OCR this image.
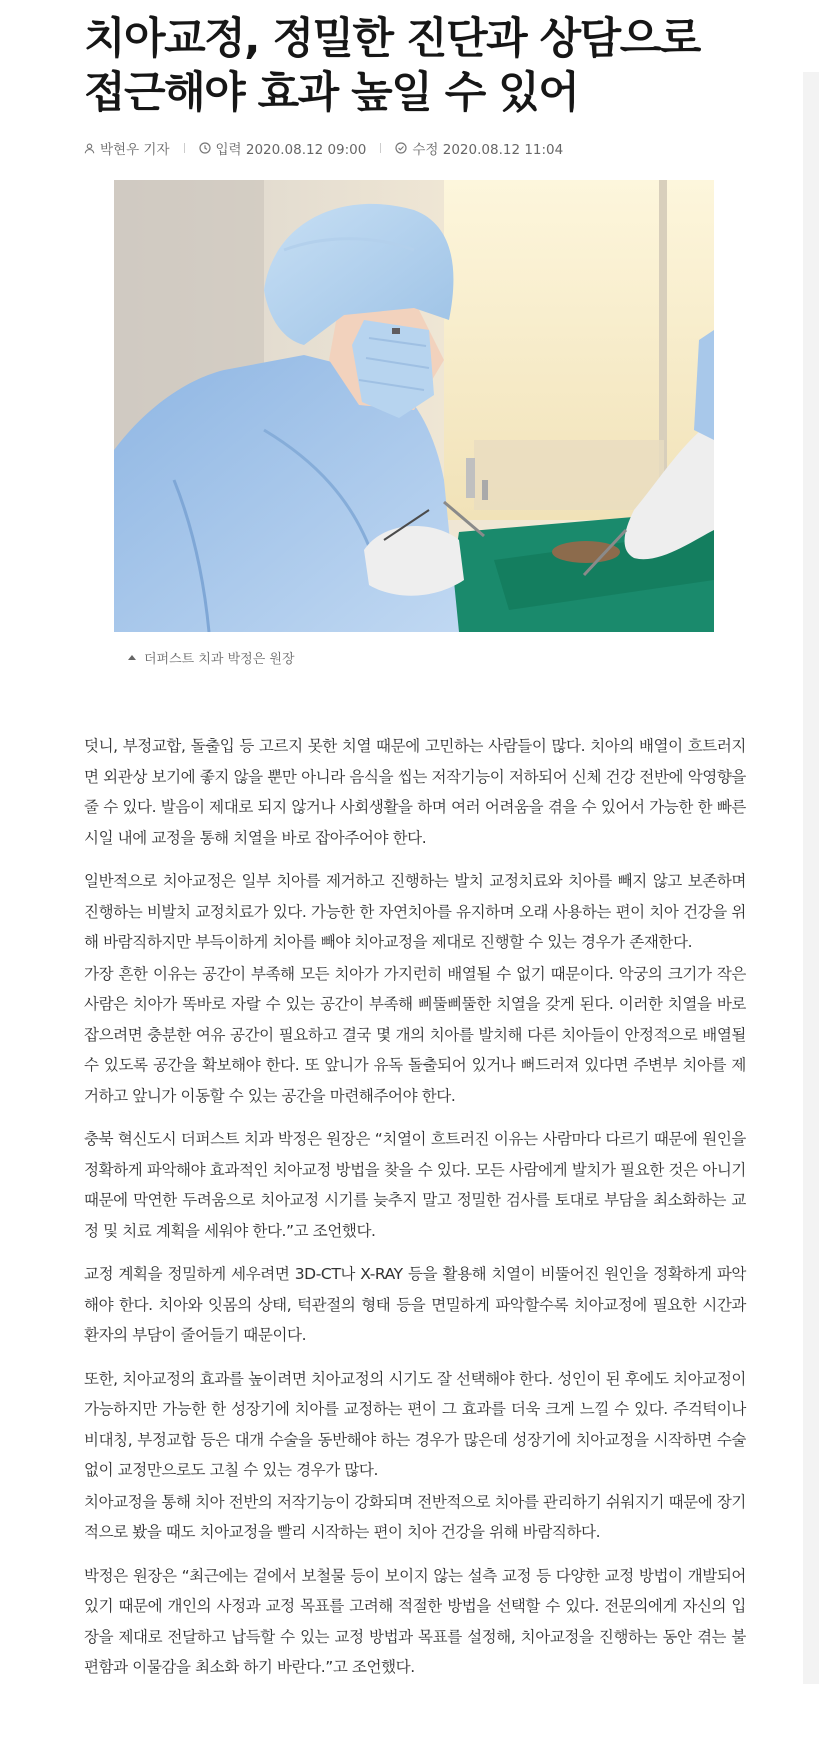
치아교정, 정밀한 진단과 상담으로 접근해야 효과 높일 수 있어
박현우 기자	입력 2020.08.12 09:00	수정 2020.08.12 11:04
더퍼스트 치과 박정은 원장

덧니, 부정교합, 돌출입 등 고르지 못한 치열 때문에 고민하는 사람들이 많다. 치아의 배열이 흐트러지면 외관상 보기에 좋지 않을 뿐만 아니라 음식을 씹는 저작기능이 저하되어 신체 건강 전반에 악영향을 줄 수 있다. 발음이 제대로 되지 않거나 사회생활을 하며 여러 어려움을 겪을 수 있어서 가능한 한 빠른 시일 내에 교정을 통해 치열을 바로 잡아주어야 한다.

일반적으로 치아교정은 일부 치아를 제거하고 진행하는 발치 교정치료와 치아를 빼지 않고 보존하며 진행하는 비발치 교정치료가 있다. 가능한 한 자연치아를 유지하며 오래 사용하는 편이 치아 건강을 위해 바람직하지만 부득이하게 치아를 빼야 치아교정을 제대로 진행할 수 있는 경우가 존재한다.

가장 흔한 이유는 공간이 부족해 모든 치아가 가지런히 배열될 수 없기 때문이다. 악궁의 크기가 작은 사람은 치아가 똑바로 자랄 수 있는 공간이 부족해 삐뚤삐뚤한 치열을 갖게 된다. 이러한 치열을 바로 잡으려면 충분한 여유 공간이 필요하고 결국 몇 개의 치아를 발치해 다른 치아들이 안정적으로 배열될 수 있도록 공간을 확보해야 한다. 또 앞니가 유독 돌출되어 있거나 뻐드러져 있다면 주변부 치아를 제거하고 앞니가 이동할 수 있는 공간을 마련해주어야 한다.

충북 혁신도시 더퍼스트 치과 박정은 원장은 “치열이 흐트러진 이유는 사람마다 다르기 때문에 원인을 정확하게 파악해야 효과적인 치아교정 방법을 찾을 수 있다. 모든 사람에게 발치가 필요한 것은 아니기 때문에 막연한 두려움으로 치아교정 시기를 늦추지 말고 정밀한 검사를 토대로 부담을 최소화하는 교정 및 치료 계획을 세워야 한다.”고 조언했다.

교정 계획을 정밀하게 세우려면 3D-CT나 X-RAY 등을 활용해 치열이 비뚤어진 원인을 정확하게 파악해야 한다. 치아와 잇몸의 상태, 턱관절의 형태 등을 면밀하게 파악할수록 치아교정에 필요한 시간과 환자의 부담이 줄어들기 때문이다.

또한, 치아교정의 효과를 높이려면 치아교정의 시기도 잘 선택해야 한다. 성인이 된 후에도 치아교정이 가능하지만 가능한 한 성장기에 치아를 교정하는 편이 그 효과를 더욱 크게 느낄 수 있다. 주걱턱이나 비대칭, 부정교합 등은 대개 수술을 동반해야 하는 경우가 많은데 성장기에 치아교정을 시작하면 수술 없이 교정만으로도 고칠 수 있는 경우가 많다.

치아교정을 통해 치아 전반의 저작기능이 강화되며 전반적으로 치아를 관리하기 쉬워지기 때문에 장기적으로 봤을 때도 치아교정을 빨리 시작하는 편이 치아 건강을 위해 바람직하다.

박정은 원장은 “최근에는 겉에서 보철물 등이 보이지 않는 설측 교정 등 다양한 교정 방법이 개발되어 있기 때문에 개인의 사정과 교정 목표를 고려해 적절한 방법을 선택할 수 있다. 전문의에게 자신의 입장을 제대로 전달하고 납득할 수 있는 교정 방법과 목표를 설정해, 치아교정을 진행하는 동안 겪는 불편함과 이물감을 최소화 하기 바란다.”고 조언했다.
